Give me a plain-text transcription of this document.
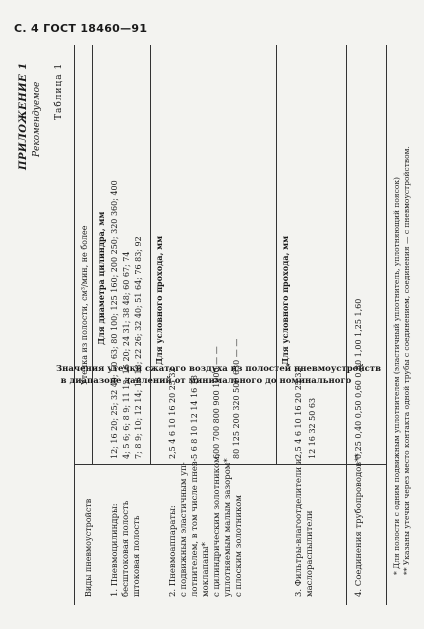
С. 4 ГОСТ 18460—91
ПРИЛОЖЕНИЕ 1 Рекомендуемое Таблица 1
Значения утечки сжатого воздуха из полостей пневмоустройств
в диапазоне давлений от минимального до номинального
Виды пневмоустройств
Утечка из полости, см³/мин, не более Для диаметра цилиндра, мм
1. Пневмоцилиндры: бесштоковая полость штоковая полость
12; 16 20; 25; 32 40; 50 63; 80 100; 125 160; 200 250; 320 360; 400 4; 5 6; 6; 8 9; 11 13; 16 20; 24 31; 38 48; 60 67; 74 7; 8 9; 10; 12 14; 16 18; 22 26; 32 40; 51 64; 76 83; 92 Для условного прохода, мм
2. Пневмоаппараты: с подвижным эластичным уп- лотнителем, в том числе пнев- моклапаны* с цилиндрическим золотником, уплотняемым малым зазором* с плоским золотником
2,5 4 6 10 16 20 25 32 5 6 8 10 12 14 16 18 600 700 800 900 1000 — — 80 125 200 320 500 630 — —
Для условного прохода, мм
3. Фильтры-влагоотделители и маслораспылители
2,5 4 6 10 16 20 25 32 12 16 32 50 63
4. Соединения трубопроводов**
0,25 0,40 0,50 0,60 0,80 1,00 1,25 1,60	* Для полости с одним подвижным уплотнителем (эластичный уплотнитель, уплотняющий поясок) ** Указаны утечки через место контакта одной трубы с соединением, соединения — с пневмоустройством.
